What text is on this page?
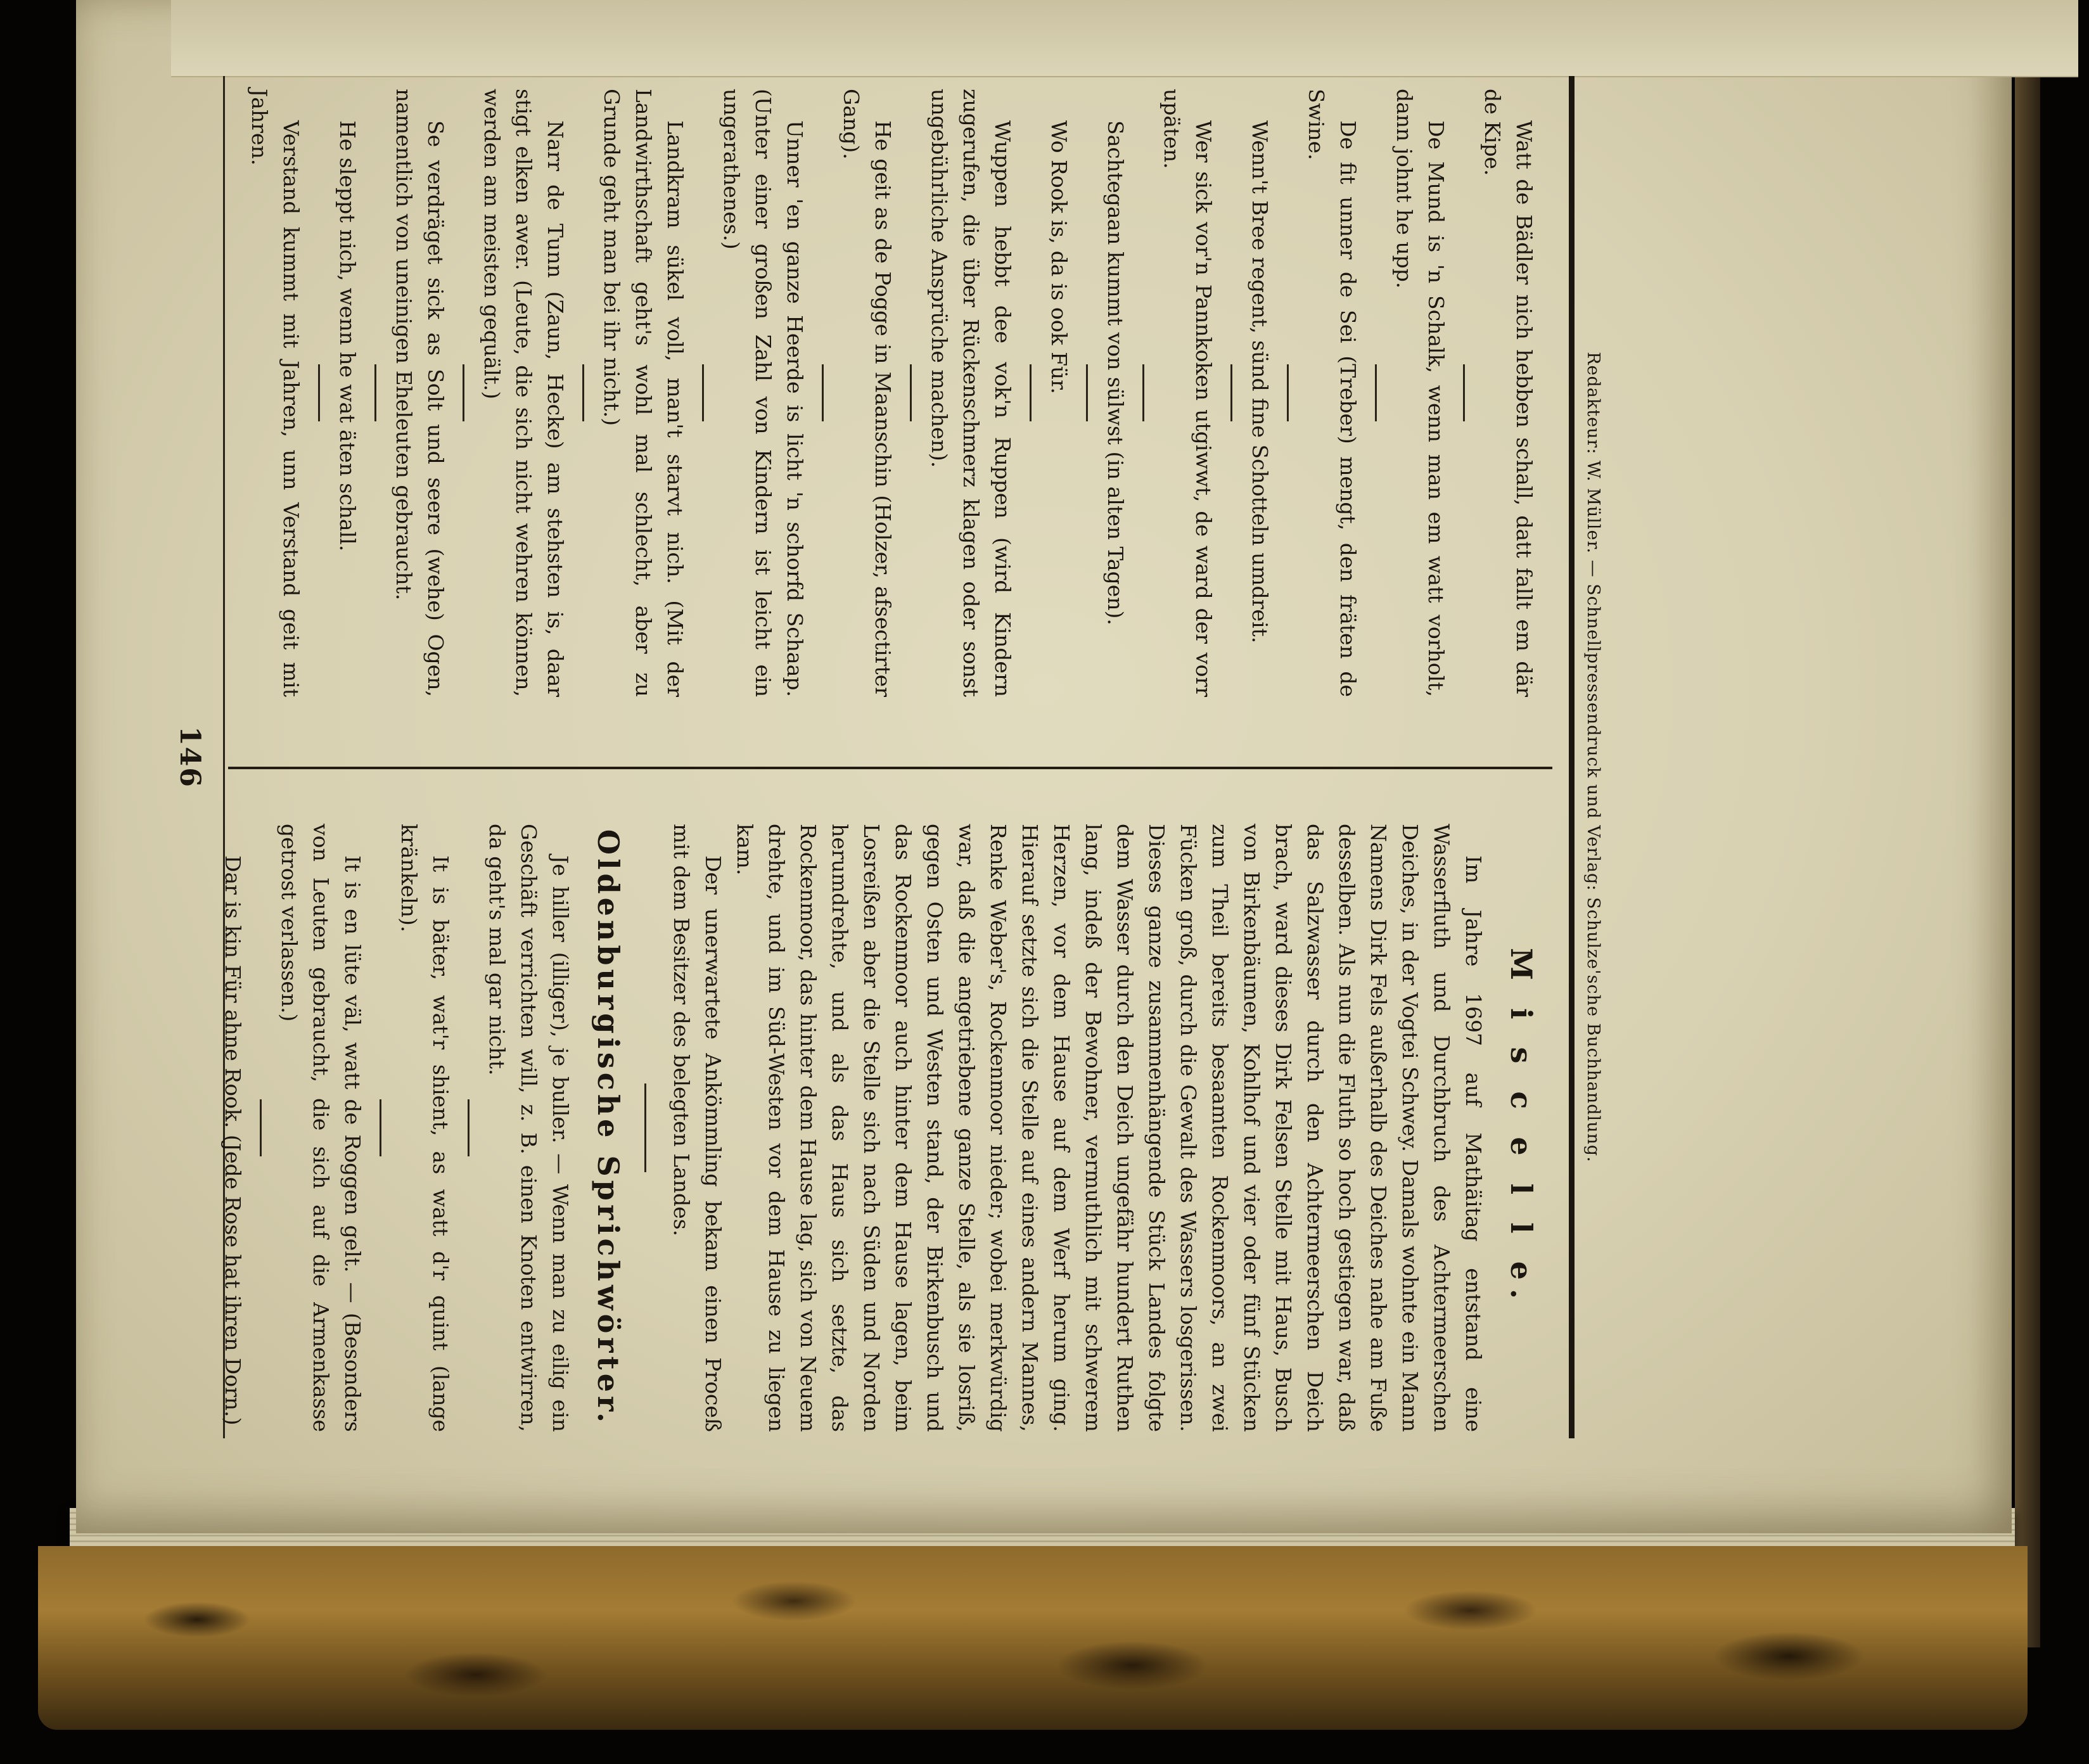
146
M i s c e l l e.

Im Jahre 1697 auf Mathäitag entstand eine Wasserfluth und Durchbruch des Achtermeerschen Deiches, in der Vogtei Schwey. Damals wohnte ein Mann Namens Dirk Fels außerhalb des Deiches nahe am Fuße desselben. Als nun die Fluth so hoch gestiegen war, daß das Salzwasser durch den Achtermeerschen Deich brach, ward dieses Dirk Felsen Stelle mit Haus, Busch von Birkenbäumen, Kohlhof und vier oder fünf Stücken zum Theil bereits besaamten Rockenmoors, an zwei Fücken groß, durch die Gewalt des Wassers losgerissen. Dieses ganze zusammenhängende Stück Landes folgte dem Wasser durch den Deich ungefähr hundert Ruthen lang, indeß der Bewohner, vermuthlich mit schwerem Herzen, vor dem Hause auf dem Werf herum ging. Hierauf setzte sich die Stelle auf eines andern Mannes, Renke Weber's, Rockenmoor nieder; wobei merkwürdig war, daß die angetriebene ganze Stelle, als sie losriß, gegen Osten und Westen stand, der Birkenbusch und das Rockenmoor auch hinter dem Hause lagen, beim Losreißen aber die Stelle sich nach Süden und Norden herumdrehte, und als das Haus sich setzte, das Rockenmoor, das hinter dem Hause lag, sich von Neuem drehte, und im Süd-Westen vor dem Hause zu liegen kam.

Der unerwartete Ankömmling bekam einen Proceß mit dem Besitzer des belegten Landes.

Oldenburgische Sprichwörter.

Je hiller (illiger), je buller. — Wenn man zu eilig ein Geschäft verrichten will, z. B. einen Knoten entwirren, da geht's mal gar nicht.

It is bäter, wat'r shient, as watt d'r quint (lange kränkeln).

It is en lüte väl, watt de Roggen gelt. — (Besonders von Leuten gebraucht, die sich auf die Armenkasse getrost verlassen.)

Dar is kin Für ahne Rook. (Jede Rose hat ihren Dorn.)

Watt de Bädler nich hebben schall, datt fallt em där de Kipe.

De Mund is 'n Schalk, wenn man em watt vorholt, dann johnt he upp.

De fit unner de Sei (Treber) mengt, den fräten de Swine.

Wenn't Bree regent, sünd fine Schotteln umdreit.

Wer sick vor'n Pannkoken utgiwwt, de ward der vorr upäten.

Sachtegaan kummt von sülwst (in alten Tagen).

Wo Rook is, da is ook Für.

Wuppen hebbt dee vok'n Ruppen (wird Kindern zugerufen, die über Rückenschmerz klagen oder sonst ungebührliche Ansprüche machen).

He geit as de Pogge in Maanschin (Holzer, afsectirter Gang).

Unner 'en ganze Heerde is licht 'n schorfd Schaap. (Unter einer großen Zahl von Kindern ist leicht ein ungerathenes.)

Landkram sükel voll, man't starvt nich. (Mit der Landwirthschaft geht's wohl mal schlecht, aber zu Grunde geht man bei ihr nicht.)

Narr de Tunn (Zaun, Hecke) am stehsten is, daar stigt elken awer. (Leute, die sich nicht wehren können, werden am meisten gequält.)

Se verdräget sick as Solt und seere (wehe) Ogen, namentlich von uneinigen Eheleuten gebraucht.

He sleppt nich, wenn he wat äten schall.

Verstand kummt mit Jahren, unn Verstand geit mit Jahren.

Redakteur: W. Müller. — Schnellpressendruck und Verlag: Schulze'sche Buchhandlung.
